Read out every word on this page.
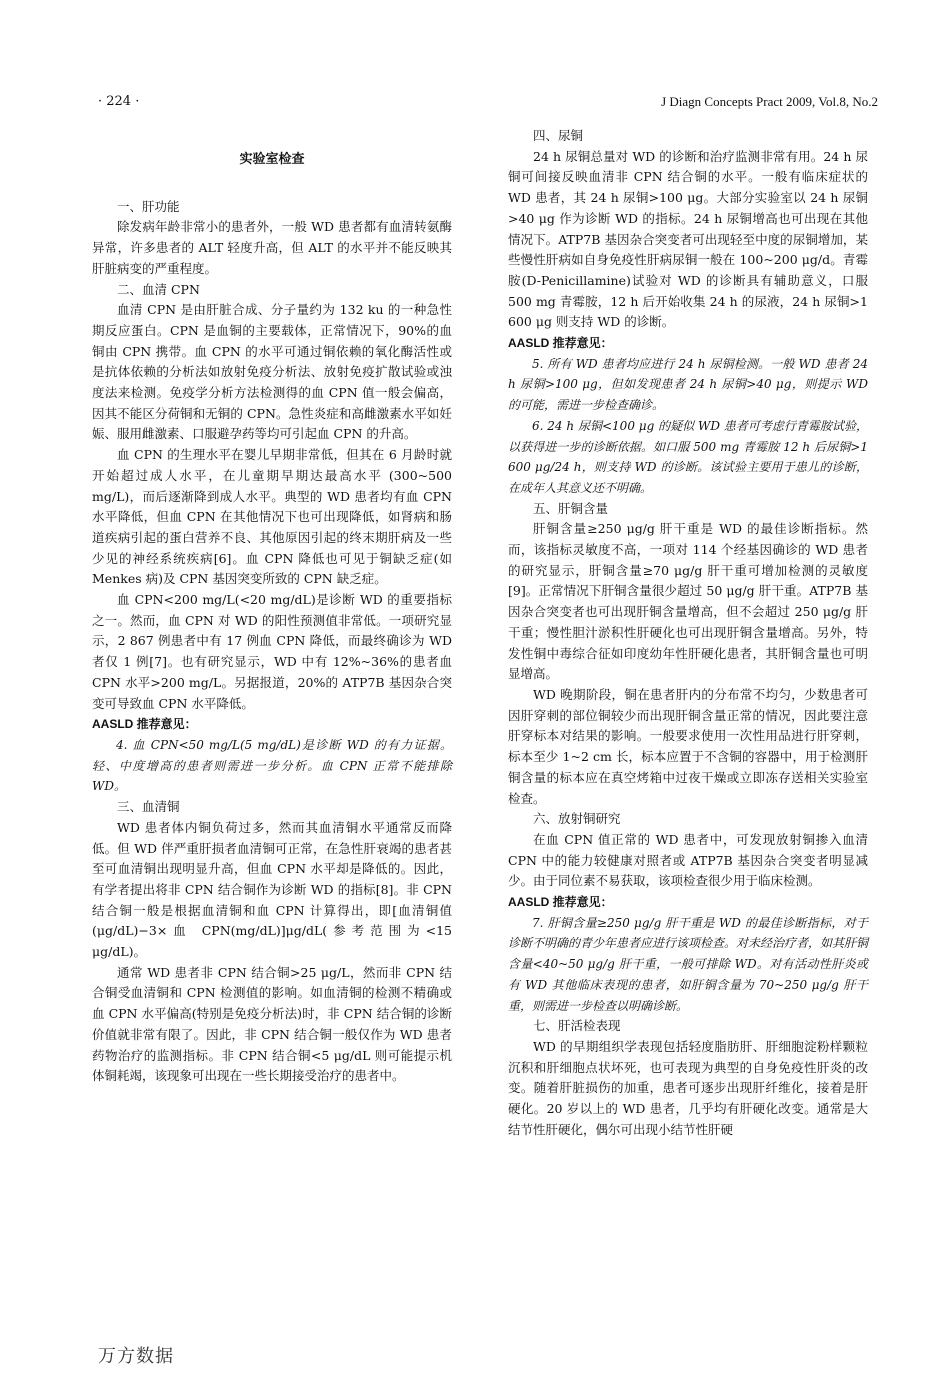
· 224 ·	J Diagn Concepts Pract 2009, Vol.8, No.2
实验室检查
一、肝功能

除发病年龄非常小的患者外，一般 WD 患者都有血清转氨酶异常，许多患者的 ALT 轻度升高，但 ALT 的水平并不能反映其肝脏病变的严重程度。

二、血清 CPN

血清 CPN 是由肝脏合成、分子量约为 132 ku 的一种急性期反应蛋白。CPN 是血铜的主要载体，正常情况下，90%的血铜由 CPN 携带。血 CPN 的水平可通过铜依赖的氧化酶活性或是抗体依赖的分析法如放射免疫分析法、放射免疫扩散试验或浊度法来检测。免疫学分析方法检测得的血 CPN 值一般会偏高，因其不能区分荷铜和无铜的 CPN。急性炎症和高雌激素水平如妊娠、服用雌激素、口服避孕药等均可引起血 CPN 的升高。

血 CPN 的生理水平在婴儿早期非常低，但其在 6 月龄时就开始超过成人水平，在儿童期早期达最高水平 (300~500 mg/L)，而后逐渐降到成人水平。典型的 WD 患者均有血 CPN 水平降低，但血 CPN 在其他情况下也可出现降低，如肾病和肠道疾病引起的蛋白营养不良、其他原因引起的终末期肝病及一些少见的神经系统疾病[6]。血 CPN 降低也可见于铜缺乏症(如 Menkes 病)及 CPN 基因突变所致的 CPN 缺乏症。

血 CPN<200 mg/L(<20 mg/dL)是诊断 WD 的重要指标之一。然而，血 CPN 对 WD 的阳性预测值非常低。一项研究显示，2 867 例患者中有 17 例血 CPN 降低，而最终确诊为 WD 者仅 1 例[7]。也有研究显示，WD 中有 12%~36%的患者血 CPN 水平>200 mg/L。另据报道，20%的 ATP7B 基因杂合突变可导致血 CPN 水平降低。

AASLD 推荐意见：

4. 血 CPN<50 mg/L(5 mg/dL)是诊断 WD 的有力证据。轻、中度增高的患者则需进一步分析。血 CPN 正常不能排除 WD。

三、血清铜

WD 患者体内铜负荷过多，然而其血清铜水平通常反而降低。但 WD 伴严重肝损者血清铜可正常，在急性肝衰竭的患者甚至可血清铜出现明显升高，但血 CPN 水平却是降低的。因此，有学者提出将非 CPN 结合铜作为诊断 WD 的指标[8]。非 CPN 结合铜一般是根据血清铜和血 CPN 计算得出，即[血清铜值(μg/dL)−3×血 CPN(mg/dL)]μg/dL(参考范围为<15 μg/dL)。

通常 WD 患者非 CPN 结合铜>25 μg/L，然而非 CPN 结合铜受血清铜和 CPN 检测值的影响。如血清铜的检测不精确或血 CPN 水平偏高(特别是免疫分析法)时，非 CPN 结合铜的诊断价值就非常有限了。因此，非 CPN 结合铜一般仅作为 WD 患者药物治疗的监测指标。非 CPN 结合铜<5 μg/dL 则可能提示机体铜耗竭，该现象可出现在一些长期接受治疗的患者中。

四、尿铜

24 h 尿铜总量对 WD 的诊断和治疗监测非常有用。24 h 尿铜可间接反映血清非 CPN 结合铜的水平。一般有临床症状的 WD 患者，其 24 h 尿铜>100 μg。大部分实验室以 24 h 尿铜>40 μg 作为诊断 WD 的指标。24 h 尿铜增高也可出现在其他情况下。ATP7B 基因杂合突变者可出现轻至中度的尿铜增加，某些慢性肝病如自身免疫性肝病尿铜一般在 100~200 μg/d。青霉胺(D-Penicillamine)试验对 WD 的诊断具有辅助意义，口服 500 mg 青霉胺，12 h 后开始收集 24 h 的尿液，24 h 尿铜>1 600 μg 则支持 WD 的诊断。

AASLD 推荐意见：

5. 所有 WD 患者均应进行 24 h 尿铜检测。一般 WD 患者 24 h 尿铜>100 μg，但如发现患者 24 h 尿铜>40 μg，则提示 WD 的可能，需进一步检查确诊。

6. 24 h 尿铜<100 μg 的疑似 WD 患者可考虑行青霉胺试验，以获得进一步的诊断依据。如口服 500 mg 青霉胺 12 h 后尿铜>1 600 μg/24 h，则支持 WD 的诊断。该试验主要用于患儿的诊断，在成年人其意义还不明确。

五、肝铜含量

肝铜含量≥250 μg/g 肝干重是 WD 的最佳诊断指标。然而，该指标灵敏度不高，一项对 114 个经基因确诊的 WD 患者的研究显示，肝铜含量≥70 μg/g 肝干重可增加检测的灵敏度[9]。正常情况下肝铜含量很少超过 50 μg/g 肝干重。ATP7B 基因杂合突变者也可出现肝铜含量增高，但不会超过 250 μg/g 肝干重；慢性胆汁淤积性肝硬化也可出现肝铜含量增高。另外，特发性铜中毒综合征如印度幼年性肝硬化患者，其肝铜含量也可明显增高。

WD 晚期阶段，铜在患者肝内的分布常不均匀，少数患者可因肝穿刺的部位铜较少而出现肝铜含量正常的情况，因此要注意肝穿标本对结果的影响。一般要求使用一次性用品进行肝穿刺，标本至少 1~2 cm 长，标本应置于不含铜的容器中，用于检测肝铜含量的标本应在真空烤箱中过夜干燥或立即冻存送相关实验室检查。

六、放射铜研究

在血 CPN 值正常的 WD 患者中，可发现放射铜掺入血清 CPN 中的能力较健康对照者或 ATP7B 基因杂合突变者明显减少。由于同位素不易获取，该项检查很少用于临床检测。

AASLD 推荐意见：

7. 肝铜含量≥250 μg/g 肝干重是 WD 的最佳诊断指标，对于诊断不明确的青少年患者应进行该项检查。对未经治疗者，如其肝铜含量<40~50 μg/g 肝干重，一般可排除 WD。对有活动性肝炎或有 WD 其他临床表现的患者，如肝铜含量为 70~250 μg/g 肝干重，则需进一步检查以明确诊断。

七、肝活检表现

WD 的早期组织学表现包括轻度脂肪肝、肝细胞淀粉样颗粒沉积和肝细胞点状坏死，也可表现为典型的自身免疫性肝炎的改变。随着肝脏损伤的加重，患者可逐步出现肝纤维化，接着是肝硬化。20 岁以上的 WD 患者，几乎均有肝硬化改变。通常是大结节性肝硬化，偶尔可出现小结节性肝硬

万方数据
